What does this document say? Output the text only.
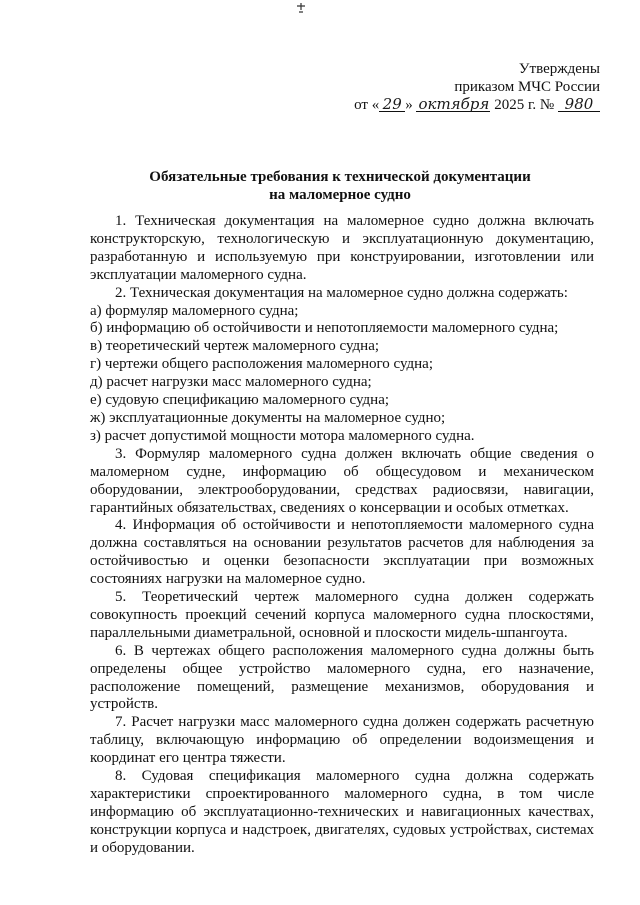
Утверждены
приказом МЧС России
от « 29 » октября 2025 г. № 980
Обязательные требования к технической документации
на маломерное судно

1. Техническая документация на маломерное судно должна включать конструкторскую, технологическую и эксплуатационную документацию, разработанную и используемую при конструировании, изготовлении или эксплуатации маломерного судна.

2. Техническая документация на маломерное судно должна содержать:

а) формуляр маломерного судна;

б) информацию об остойчивости и непотопляемости маломерного судна;

в) теоретический чертеж маломерного судна;

г) чертежи общего расположения маломерного судна;

д) расчет нагрузки масс маломерного судна;

е) судовую спецификацию маломерного судна;

ж) эксплуатационные документы на маломерное судно;

з) расчет допустимой мощности мотора маломерного судна.

3. Формуляр маломерного судна должен включать общие сведения о маломерном судне, информацию об общесудовом и механическом оборудовании, электрооборудовании, средствах радиосвязи, навигации, гарантийных обязательствах, сведениях о консервации и особых отметках.

4. Информация об остойчивости и непотопляемости маломерного судна должна составляться на основании результатов расчетов для наблюдения за остойчивостью и оценки безопасности эксплуатации при возможных состояниях нагрузки на маломерное судно.

5. Теоретический чертеж маломерного судна должен содержать совокупность проекций сечений корпуса маломерного судна плоскостями, параллельными диаметральной, основной и плоскости мидель-шпангоута.

6. В чертежах общего расположения маломерного судна должны быть определены общее устройство маломерного судна, его назначение, расположение помещений, размещение механизмов, оборудования и устройств.

7. Расчет нагрузки масс маломерного судна должен содержать расчетную таблицу, включающую информацию об определении водоизмещения и координат его центра тяжести.

8. Судовая спецификация маломерного судна должна содержать характеристики спроектированного маломерного судна, в том числе информацию об эксплуатационно-технических и навигационных качествах, конструкции корпуса и надстроек, двигателях, судовых устройствах, системах и оборудовании.
